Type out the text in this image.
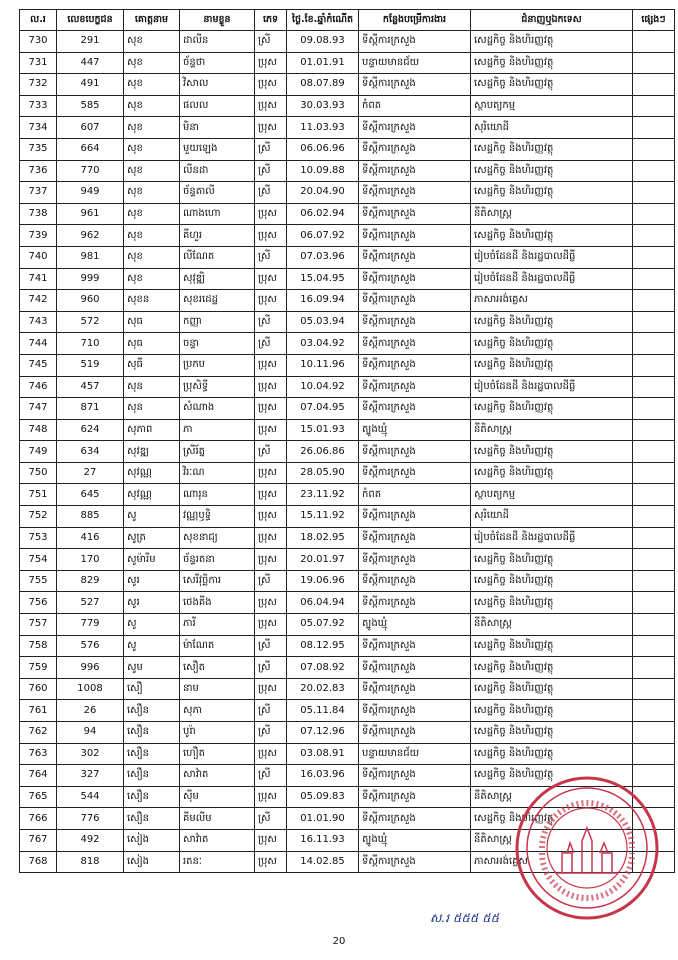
ល.រ	លេខបេក្ខជន	គោត្តនាម	នាមខ្លួន	ភេទ	ថ្ងៃ.ខែ.ឆ្នាំកំណើត	កន្លែងបម្រើការងារ	ជំនាញឬឯកទេស	ផ្សេងៗ
730	291	សុខ	ដាលីន	ស្រី	09.08.93	ទីស្តីការក្រសួង	សេដ្ឋកិច្ច និងហិរញ្ញវត្ថុ	
731	447	សុខ	ច័ន្ទថា	ប្រុស	01.01.91	បន្ទាយមានជ័យ	សេដ្ឋកិច្ច និងហិរញ្ញវត្ថុ	
732	491	សុខ	វិសាល	ប្រុស	08.07.89	ទីស្តីការក្រសួង	សេដ្ឋកិច្ច និងហិរញ្ញវត្ថុ	
733	585	សុខ	ផលល	ប្រុស	30.03.93	កំពត	ស្ថាបត្យកម្ម	
734	607	សុខ	មិនា	ប្រុស	11.03.93	ទីស្តីការក្រសួង	សុរិយោដី	
735	664	សុខ	មួយឡេង	ស្រី	06.06.96	ទីស្តីការក្រសួង	សេដ្ឋកិច្ច និងហិរញ្ញវត្ថុ	
736	770	សុខ	លីនដា	ស្រី	10.09.88	ទីស្តីការក្រសួង	សេដ្ឋកិច្ច និងហិរញ្ញវត្ថុ	
737	949	សុខ	ច័ន្ទតាលី	ស្រី	20.04.90	ទីស្តីការក្រសួង	សេដ្ឋកិច្ច និងហិរញ្ញវត្ថុ	
738	961	សុខ	ណាងហោ	ប្រុស	06.02.94	ទីស្តីការក្រសួង	នីតិសាស្ត្រ	
739	962	សុខ	គីហួរ	ប្រុស	06.07.92	ទីស្តីការក្រសួង	សេដ្ឋកិច្ច និងហិរញ្ញវត្ថុ	
740	981	សុខ	លីណែត	ស្រី	07.03.96	ទីស្តីការក្រសួង	រៀបចំដែនដី និងរដ្ឋបាលដីធ្លី	
741	999	សុខ	សុវុឌ្ឍិ	ប្រុស	15.04.95	ទីស្តីការក្រសួង	រៀបចំដែនដី និងរដ្ឋបាលដីធ្លី	
742	960	សុខន	សុខរដេដ្ឋ	ប្រុស	16.09.94	ទីស្តីការក្រសួង	ភាសាអង់គ្លេស	
743	572	សុធ	កញ្ញា	ស្រី	05.03.94	ទីស្តីការក្រសួង	សេដ្ឋកិច្ច និងហិរញ្ញវត្ថុ	
744	710	សុធ	ចន្ទា	ស្រី	03.04.92	ទីស្តីការក្រសួង	សេដ្ឋកិច្ច និងហិរញ្ញវត្ថុ	
745	519	សុធី	ប្រកប	ប្រុស	10.11.96	ទីស្តីការក្រសួង	សេដ្ឋកិច្ច និងហិរញ្ញវត្ថុ	
746	457	សុន	ប្រុសិទ្ធី	ប្រុស	10.04.92	ទីស្តីការក្រសួង	រៀបចំដែនដី និងរដ្ឋបាលដីធ្លី	
747	871	សុន	សំណាង	ប្រុស	07.04.95	ទីស្តីការក្រសួង	សេដ្ឋកិច្ច និងហិរញ្ញវត្ថុ	
748	624	សុភាព	ភា	ប្រុស	15.01.93	ត្បូងឃ្មុំ	នីតិសាស្ត្រ	
749	634	សុវឌ្ឍ	ស្រីរ័ត្ន	ស្រី	26.06.86	ទីស្តីការក្រសួង	សេដ្ឋកិច្ច និងហិរញ្ញវត្ថុ	
750	27	សុវណ្ណ	វិរៈណ	ប្រុស	28.05.90	ទីស្តីការក្រសួង	សេដ្ឋកិច្ច និងហិរញ្ញវត្ថុ	
751	645	សុវណ្ណ	ណារុន	ប្រុស	23.11.92	កំពត	ស្ថាបត្យកម្ម	
752	885	សូ	វណ្ណឫទ្ធិ	ប្រុស	15.11.92	ទីស្តីការក្រសួង	សុរិយោដី	
753	416	សូត្រ	សុខនាជ្យ	ប្រុស	18.02.95	ទីស្តីការក្រសួង	រៀបចំដែនដី និងរដ្ឋបាលដីធ្លី	
754	170	សូម៉ារីម	ច័ន្ទរតនា	ប្រុស	20.01.97	ទីស្តីការក្រសួង	សេដ្ឋកិច្ច និងហិរញ្ញវត្ថុ	
755	829	សូរ	សេរីវុច្ឆិការ	ស្រី	19.06.96	ទីស្តីការក្រសួង	សេដ្ឋកិច្ច និងហិរញ្ញវត្ថុ	
756	527	សូរ	ថេងគីង	ប្រុស	06.04.94	ទីស្តីការក្រសួង	សេដ្ឋកិច្ច និងហិរញ្ញវត្ថុ	
757	779	សូ	ភារី	ប្រុស	05.07.92	ត្បូងឃ្មុំ	នីតិសាស្ត្រ	
758	576	សូ	ម៉ាណែត	ស្រី	08.12.95	ទីស្តីការក្រសួង	សេដ្ឋកិច្ច និងហិរញ្ញវត្ថុ	
759	996	សូម	សឿត	ស្រី	07.08.92	ទីស្តីការក្រសួង	សេដ្ឋកិច្ច និងហិរញ្ញវត្ថុ	
760	1008	សឿ	នាម	ប្រុស	20.02.83	ទីស្តីការក្រសួង	សេដ្ឋកិច្ច និងហិរញ្ញវត្ថុ	
761	26	សឿន	សុភា	ស្រី	05.11.84	ទីស្តីការក្រសួង	សេដ្ឋកិច្ច និងហិរញ្ញវត្ថុ	
762	94	សឿន	បូរ៉ា	ស្រី	07.12.96	ទីស្តីការក្រសួង	សេដ្ឋកិច្ច និងហិរញ្ញវត្ថុ	
763	302	សឿន	ហឿត	ប្រុស	03.08.91	បន្ទាយមានជ័យ	សេដ្ឋកិច្ច និងហិរញ្ញវត្ថុ	
764	327	សឿន	សាវ៉ាត	ស្រី	16.03.96	ទីស្តីការក្រសួង	សេដ្ឋកិច្ច និងហិរញ្ញវត្ថុ	
765	544	សឿន	ស៊ីម	ប្រុស	05.09.83	ទីស្តីការក្រសួង	នីតិសាស្ត្រ	
766	776	សឿន	គីមលីម	ស្រី	01.01.90	ទីស្តីការក្រសួង	សេដ្ឋកិច្ច និងហិរញ្ញវត្ថុ	
767	492	សៀង	សាវ៉ាត	ប្រុស	16.11.93	ត្បូងឃ្មុំ	នីតិសាស្ត្រ	
768	818	សៀង	រតនៈ	ប្រុស	14.02.85	ទីស្តីការក្រសួង	ភាសាអង់គ្លេស	
ស.រ ៥៥៥ ៥៥
20
